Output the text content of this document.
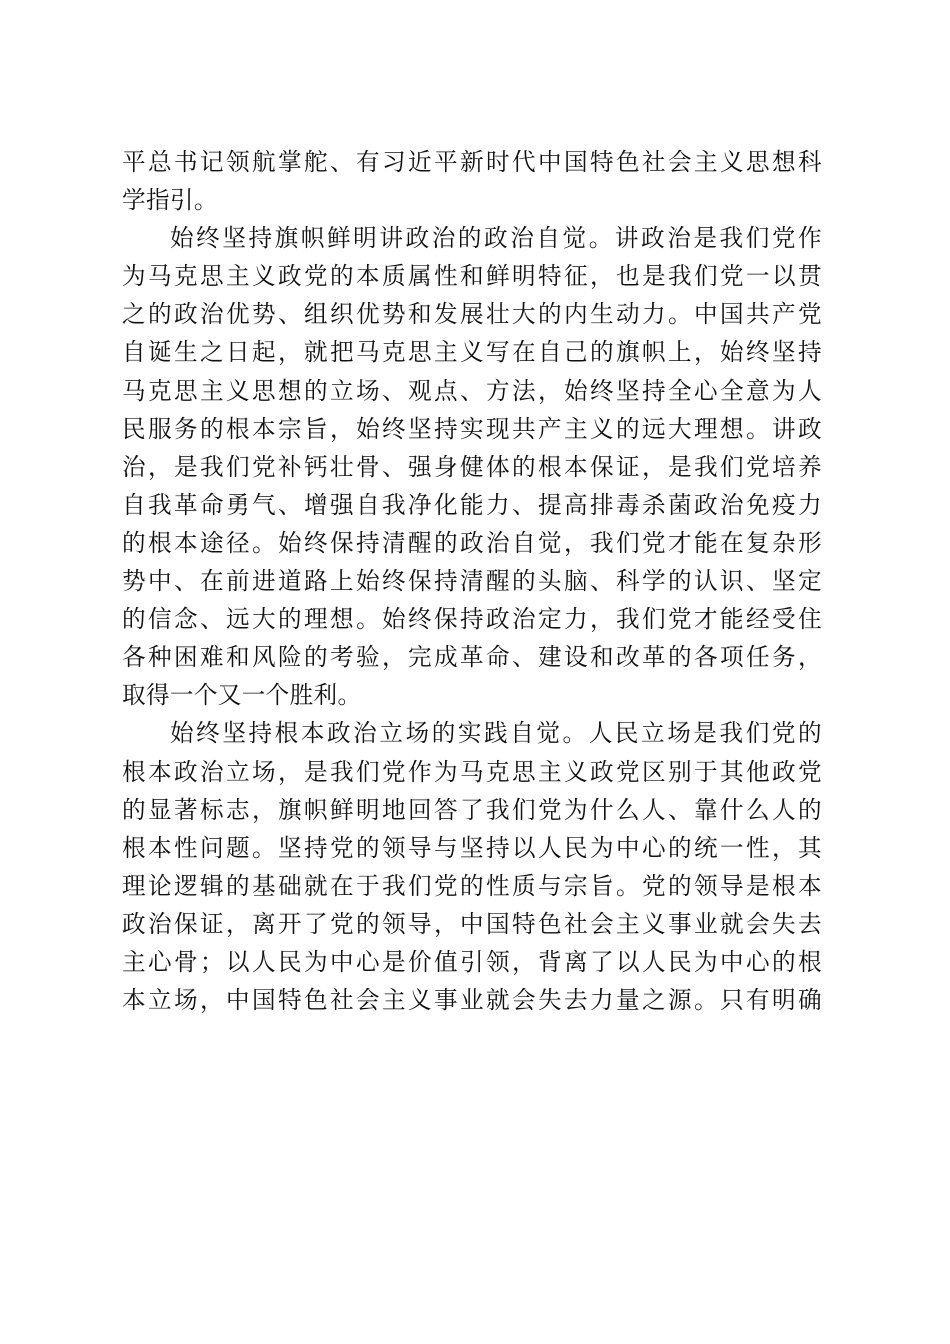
平总书记领航掌舵、有习近平新时代中国特色社会主义思想科
学指引。
始终坚持旗帜鲜明讲政治的政治自觉。讲政治是我们党作
为马克思主义政党的本质属性和鲜明特征，也是我们党一以贯
之的政治优势、组织优势和发展壮大的内生动力。中国共产党
自诞生之日起，就把马克思主义写在自己的旗帜上，始终坚持
马克思主义思想的立场、观点、方法，始终坚持全心全意为人
民服务的根本宗旨，始终坚持实现共产主义的远大理想。讲政
治，是我们党补钙壮骨、强身健体的根本保证，是我们党培养
自我革命勇气、增强自我净化能力、提高排毒杀菌政治免疫力
的根本途径。始终保持清醒的政治自觉，我们党才能在复杂形
势中、在前进道路上始终保持清醒的头脑、科学的认识、坚定
的信念、远大的理想。始终保持政治定力，我们党才能经受住
各种困难和风险的考验，完成革命、建设和改革的各项任务，
取得一个又一个胜利。
始终坚持根本政治立场的实践自觉。人民立场是我们党的
根本政治立场，是我们党作为马克思主义政党区别于其他政党
的显著标志，旗帜鲜明地回答了我们党为什么人、靠什么人的
根本性问题。坚持党的领导与坚持以人民为中心的统一性，其
理论逻辑的基础就在于我们党的性质与宗旨。党的领导是根本
政治保证，离开了党的领导，中国特色社会主义事业就会失去
主心骨；以人民为中心是价值引领，背离了以人民为中心的根
本立场，中国特色社会主义事业就会失去力量之源。只有明确
